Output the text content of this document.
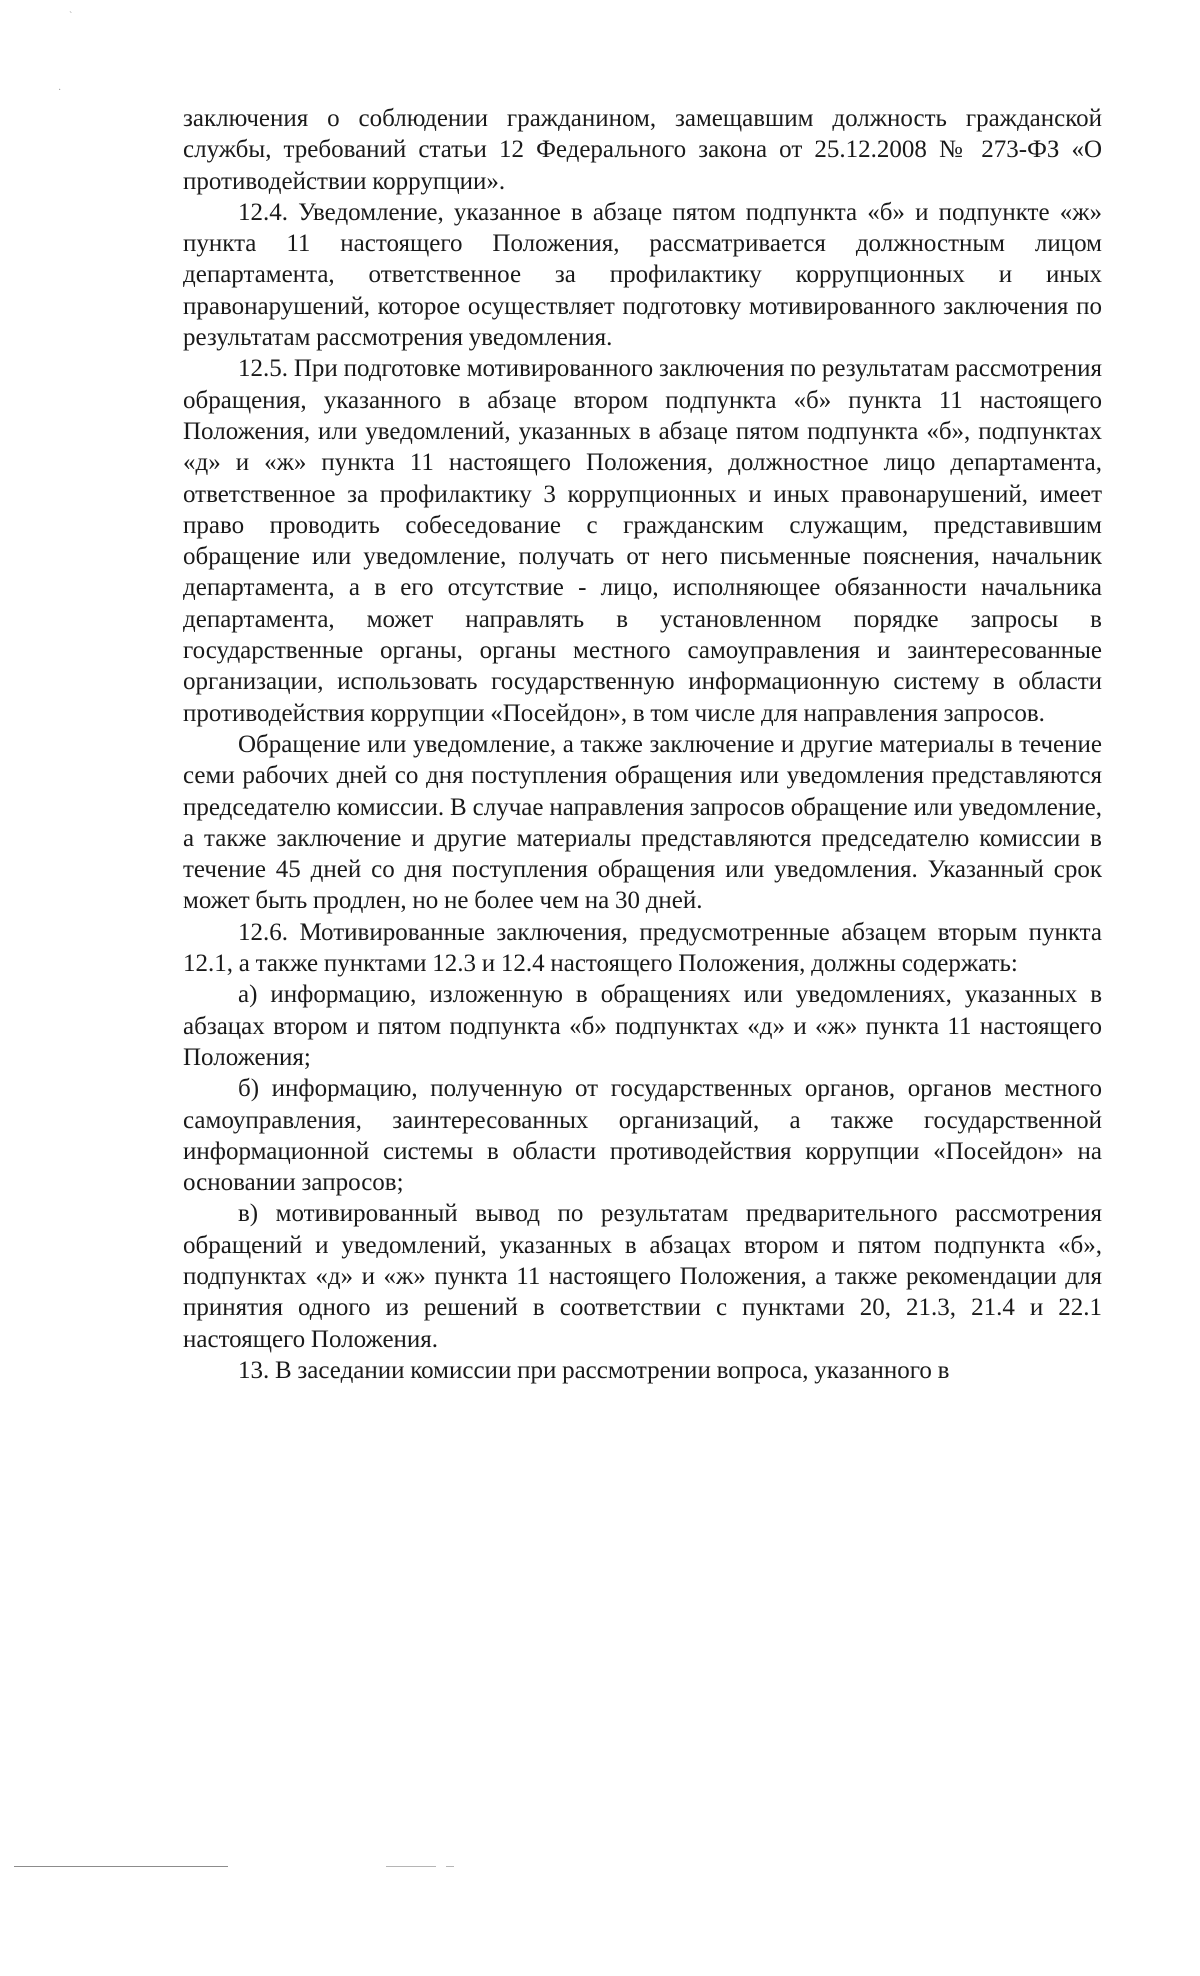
ˋ
·

заключения о соблюдении гражданином, замещавшим должность гражданской службы, требований статьи 12 Федерального закона от 25.12.2008 № 273-ФЗ «О противодействии коррупции».

12.4. Уведомление, указанное в абзаце пятом подпункта «б» и подпункте «ж» пункта 11 настоящего Положения, рассматривается должностным лицом департамента, ответственное за профилактику коррупционных и иных правонарушений, которое осуществляет подготовку мотивированного заключения по результатам рассмотрения уведомления.

12.5. При подготовке мотивированного заключения по результатам рассмотрения обращения, указанного в абзаце втором подпункта «б» пункта 11 настоящего Положения, или уведомлений, указанных в абзаце пятом подпункта «б», подпунктах «д» и «ж» пункта 11 настоящего Положения, должностное лицо департамента, ответственное за профилактику 3 коррупционных и иных правонарушений, имеет право проводить собеседование с гражданским служащим, представившим обращение или уведомление, получать от него письменные пояснения, начальник департамента, а в его отсутствие - лицо, исполняющее обязанности начальника департамента, может направлять в установленном порядке запросы в государственные органы, органы местного самоуправления и заинтересованные организации, использовать государственную информационную систему в области противодействия коррупции «Посейдон», в том числе для направления запросов.

Обращение или уведомление, а также заключение и другие материалы в течение семи рабочих дней со дня поступления обращения или уведомления представляются председателю комиссии. В случае направления запросов обращение или уведомление, а также заключение и другие материалы представляются председателю комиссии в течение 45 дней со дня поступления обращения или уведомления. Указанный срок может быть продлен, но не более чем на 30 дней.

12.6. Мотивированные заключения, предусмотренные абзацем вторым пункта 12.1, а также пунктами 12.3 и 12.4 настоящего Положения, должны содержать:

а) информацию, изложенную в обращениях или уведомлениях, указанных в абзацах втором и пятом подпункта «б» подпунктах «д» и «ж» пункта 11 настоящего Положения;

б) информацию, полученную от государственных органов, органов местного самоуправления, заинтересованных организаций, а также государственной информационной системы в области противодействия коррупции «Посейдон» на основании запросов;

в) мотивированный вывод по результатам предварительного рассмотрения обращений и уведомлений, указанных в абзацах втором и пятом подпункта «б», подпунктах «д» и «ж» пункта 11 настоящего Положения, а также рекомендации для принятия одного из решений в соответствии с пунктами 20, 21.3, 21.4 и 22.1 настоящего Положения.

13. В заседании комиссии при рассмотрении вопроса, указанного в
